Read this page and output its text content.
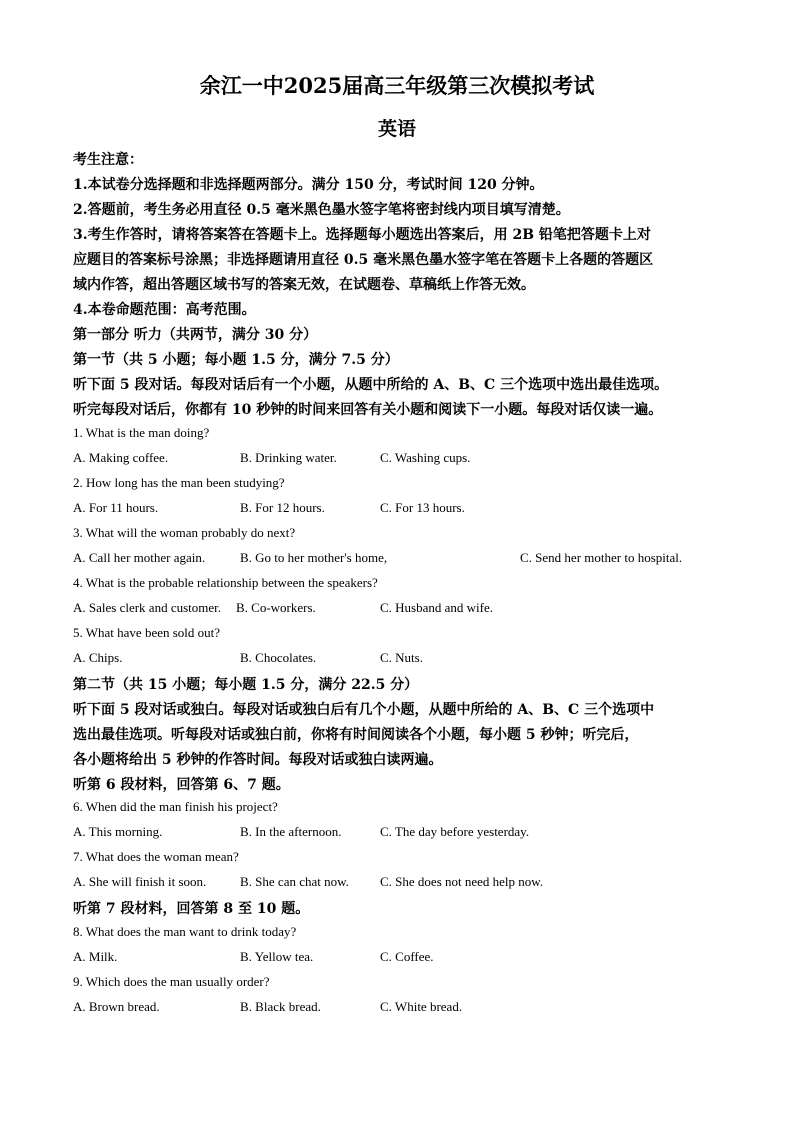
余江一中2025届高三年级第三次模拟考试
英语
考生注意：
1.本试卷分选择题和非选择题两部分。满分 150 分，考试时间 120 分钟。
2.答题前，考生务必用直径 0.5 毫米黑色墨水签字笔将密封线内项目填写清楚。
3.考生作答时，请将答案答在答题卡上。选择题每小题选出答案后，用 2B 铅笔把答题卡上对
应题目的答案标号涂黑；非选择题请用直径 0.5 毫米黑色墨水签字笔在答题卡上各题的答题区
域内作答，超出答题区域书写的答案无效，在试题卷、草稿纸上作答无效。
4.本卷命题范围：高考范围。
第一部分 听力（共两节，满分 30 分）
第一节（共 5 小题；每小题 1.5 分，满分 7.5 分）
听下面 5 段对话。每段对话后有一个小题，从题中所给的 A、B、C 三个选项中选出最佳选项。
听完每段对话后，你都有 10 秒钟的时间来回答有关小题和阅读下一小题。每段对话仅读一遍。
1. What is the man doing?
A. Making coffee.	B. Drinking water.	C. Washing cups.
2. How long has the man been studying?
A. For 11 hours.	B. For 12 hours.	C. For 13 hours.
3. What will the woman probably do next?
A. Call her mother again.	B. Go to her mother's home,	C. Send her mother to hospital.
4. What is the probable relationship between the speakers?
A. Sales clerk and customer. B. Co-workers.	C. Husband and wife.
5. What have been sold out?
A. Chips.	B. Chocolates.	C. Nuts.
第二节（共 15 小题；每小题 1.5 分，满分 22.5 分）
听下面 5 段对话或独白。每段对话或独白后有几个小题，从题中所给的 A、B、C 三个选项中
选出最佳选项。听每段对话或独白前，你将有时间阅读各个小题，每小题 5 秒钟；听完后，
各小题将给出 5 秒钟的作答时间。每段对话或独白读两遍。
听第 6 段材料，回答第 6、7 题。
6. When did the man finish his project?
A. This morning.	B. In the afternoon.	C. The day before yesterday.
7. What does the woman mean?
A. She will finish it soon.	B. She can chat now. C. She does not need help now.
听第 7 段材料，回答第 8 至 10 题。
8. What does the man want to drink today?
A. Milk.	B. Yellow tea.	C. Coffee.
9. Which does the man usually order?
A. Brown bread.	B. Black bread.	C. White bread.
